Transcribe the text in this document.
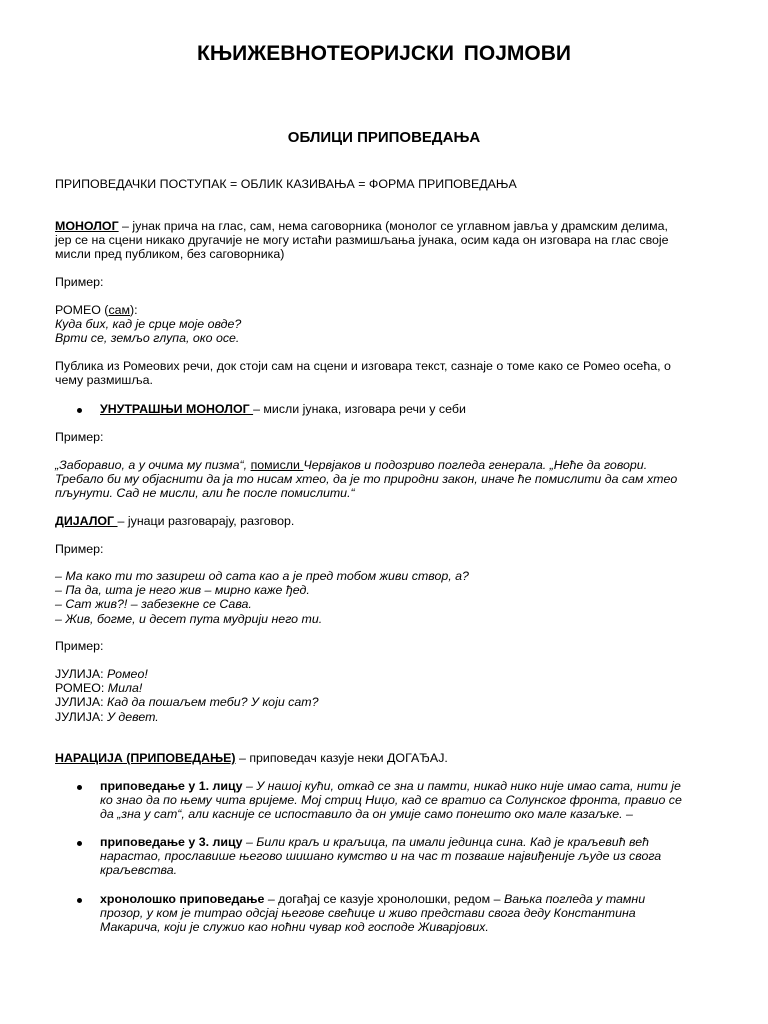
КЊИЖЕВНОТЕОРИЈСКИ ПОЈМОВИ
ОБЛИЦИ ПРИПОВЕДАЊА

ПРИПОВЕДАЧКИ ПОСТУПАК = ОБЛИК КАЗИВАЊА = ФОРМА ПРИПОВЕДАЊА

МОНОЛОГ – јунак прича на глас, сам, нема саговорника (монолог се углавном јавља у драмским делима,
јер се на сцени никако другачије не могу истаћи размишљања јунака, осим када он изговара на глас своје
мисли пред публиком, без саговорника)

Пример:

РОМЕО (сам):
Куда бих, кад је срце моје овде?
Врти се, земљо глупа, око осе.

Публика из Ромеових речи, док стоји сам на сцени и изговара текст, сазнаје о томе како се Ромео осећа, о
чему размишља.

УНУТРАШЊИ МОНОЛОГ – мисли јунака, изговара речи у себи

Пример:

„Заборавио, а у очима му пизма“, помисли Червјаков и подозриво погледа генерала. „Неће да говори.
Требало би му објаснити да ја то нисам хтео, да је то природни закон, иначе ће помислити да сам хтео
пљунути. Сад не мисли, али ће после помислити.“

ДИЈАЛОГ – јунаци разговарају, разговор.

Пример:

– Ма како ти то зазиреш од сата као а је пред тобом живи створ, а?
– Па да, шта је него жив – мирно каже ђед.
– Сат жив?! – забезекне се Сава.
– Жив, богме, и десет пута мудрији него ти.

Пример:

ЈУЛИЈА: Ромео!
РОМЕО: Мила!
ЈУЛИЈА: Кад да пошаљем теби? У који сат?
ЈУЛИЈА: У девет.

НАРАЦИЈА (ПРИПОВЕДАЊЕ) – приповедач казује неки ДОГАЂАЈ.

приповедање у 1. лицу – У нашој кући, откад се зна и памти, никад нико није имао сата, нити је
ко знао да по њему чита вријеме. Мој стриц Ниџо, кад се вратио са Солунског фронта, правио се
да „зна у сат“, али касније се испоставило да он умије само понешто око мале казаљке. –

приповедање у 3. лицу – Били краљ и краљица, па имали јединца сина. Кад је краљевић већ
нарастао, прославише његово шишано кумство и на час т позваше највиђеније људе из свога
краљевства.

хронолошко приповедање – догађај се казује хронолошки, редом – Вањка погледа у тамни
прозор, у ком је титрао одсјај његове свећице и живо представи свога деду Константина
Макарича, који је служио као ноћни чувар код господе Живарјових.
